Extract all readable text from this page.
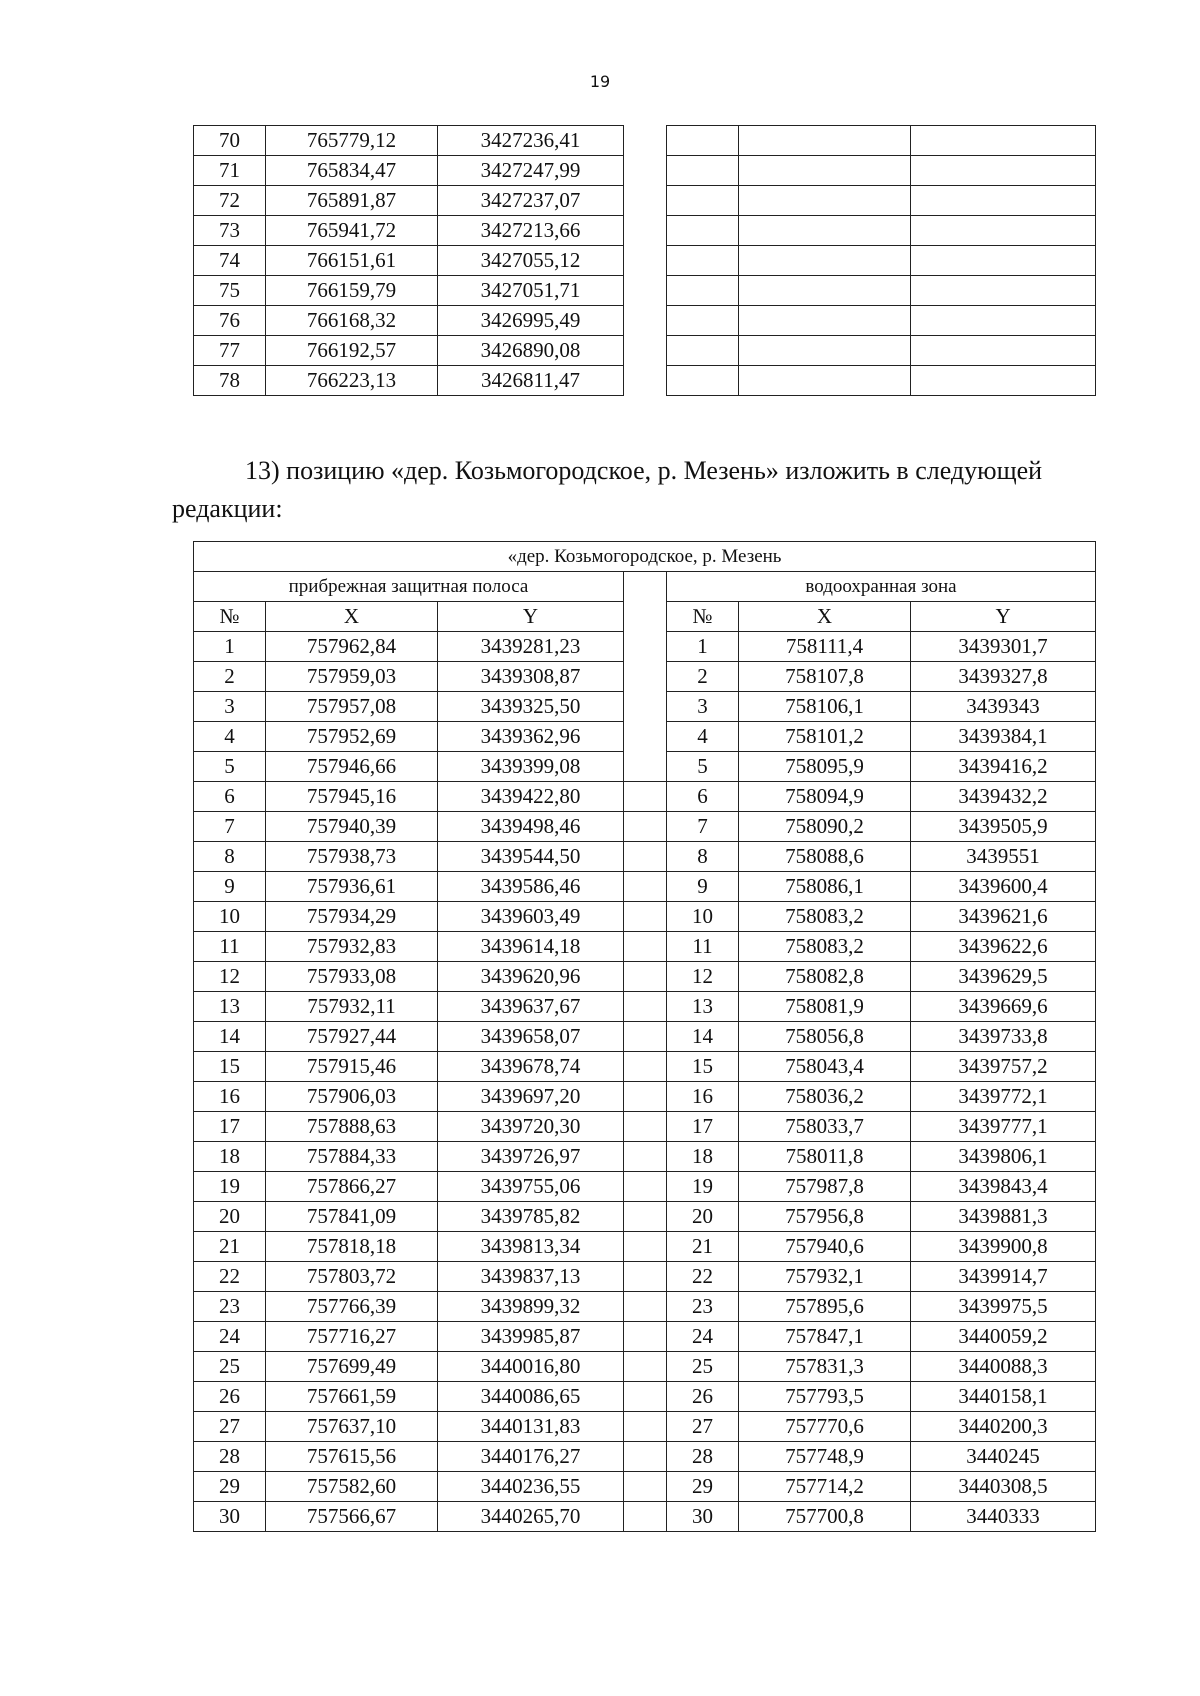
19
70	765779,12	3427236,41				
71	765834,47	3427247,99				
72	765891,87	3427237,07				
73	765941,72	3427213,66				
74	766151,61	3427055,12				
75	766159,79	3427051,71				
76	766168,32	3426995,49				
77	766192,57	3426890,08				
78	766223,13	3426811,47				
13) позицию «дер. Козьмогородское, р. Мезень» изложить в следующей
редакции:
«дер. Козьмогородское, р. Мезень						
прибрежная защитная полоса				водоохранная зона		
№	X	Y		№	X	Y
1	757962,84	3439281,23		1	758111,4	3439301,7
2	757959,03	3439308,87		2	758107,8	3439327,8
3	757957,08	3439325,50		3	758106,1	3439343
4	757952,69	3439362,96		4	758101,2	3439384,1
5	757946,66	3439399,08		5	758095,9	3439416,2
6	757945,16	3439422,80		6	758094,9	3439432,2
7	757940,39	3439498,46		7	758090,2	3439505,9
8	757938,73	3439544,50		8	758088,6	3439551
9	757936,61	3439586,46		9	758086,1	3439600,4
10	757934,29	3439603,49		10	758083,2	3439621,6
11	757932,83	3439614,18		11	758083,2	3439622,6
12	757933,08	3439620,96		12	758082,8	3439629,5
13	757932,11	3439637,67		13	758081,9	3439669,6
14	757927,44	3439658,07		14	758056,8	3439733,8
15	757915,46	3439678,74		15	758043,4	3439757,2
16	757906,03	3439697,20		16	758036,2	3439772,1
17	757888,63	3439720,30		17	758033,7	3439777,1
18	757884,33	3439726,97		18	758011,8	3439806,1
19	757866,27	3439755,06		19	757987,8	3439843,4
20	757841,09	3439785,82		20	757956,8	3439881,3
21	757818,18	3439813,34		21	757940,6	3439900,8
22	757803,72	3439837,13		22	757932,1	3439914,7
23	757766,39	3439899,32		23	757895,6	3439975,5
24	757716,27	3439985,87		24	757847,1	3440059,2
25	757699,49	3440016,80		25	757831,3	3440088,3
26	757661,59	3440086,65		26	757793,5	3440158,1
27	757637,10	3440131,83		27	757770,6	3440200,3
28	757615,56	3440176,27		28	757748,9	3440245
29	757582,60	3440236,55		29	757714,2	3440308,5
30	757566,67	3440265,70		30	757700,8	3440333
